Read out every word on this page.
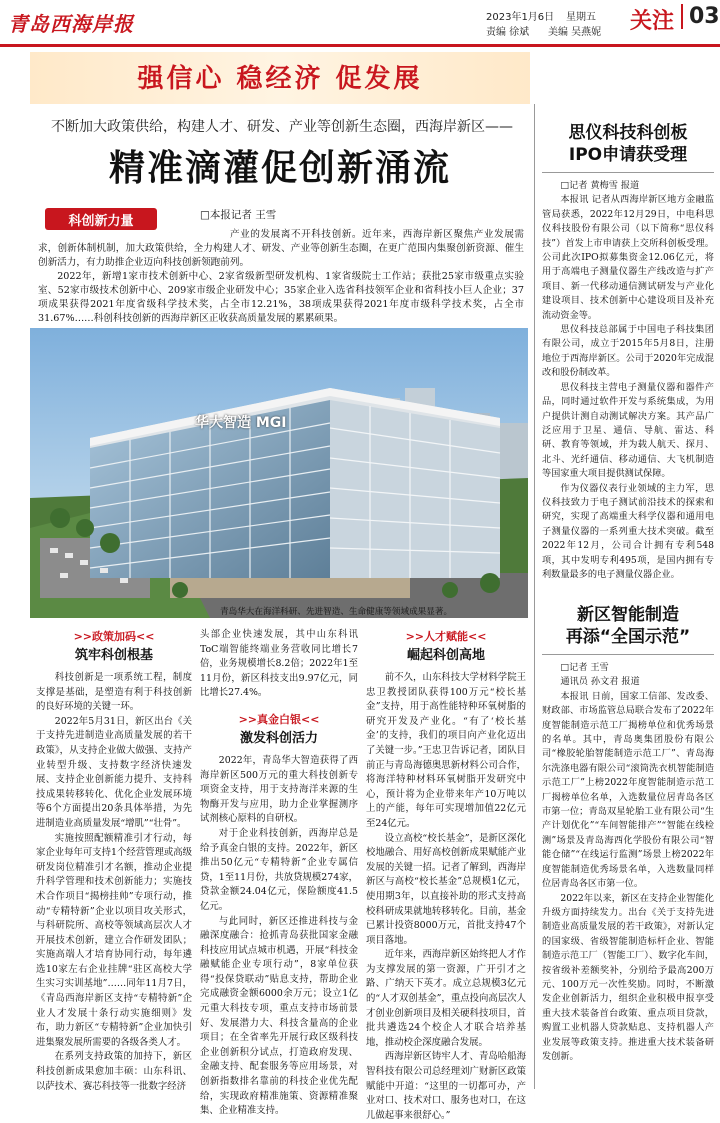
青岛西海岸报	2023年1月6日 星期五
责编 徐斌 美编 吴燕妮 关注 03
强信心 稳经济 促发展
不断加大政策供给，构建人才、研发、产业等创新生态圈，西海岸新区——
精准滴灌促创新涌流
科创新力量	□本报记者 王雪
产业的发展离不开科技创新。近年来，西海岸新区聚焦产业发展需求，创新体制机制，加大政策供给，全力构建人才、研发、产业等创新生态圈，在更广范围内集聚创新资源、催生创新活力，有力助推企业迈向科技创新领跑前列。
2022年，新增1家市技术创新中心、2家省级新型研发机构、1家省级院士工作站；获批25家市级重点实验室、52家市级技术创新中心、209家市级企业研发中心；35家企业入选省科技领军企业和省科技小巨人企业；37项成果获得2021年度省级科学技术奖，占全市12.21%，38项成果获得2021年度市级科学技术奖，占全市31.67%……科创科技创新的西海岸新区正收获高质量发展的累累硕果。
华大智造 MGI
青岛华大在海洋科研、先进智造、生命健康等领域成果显著。
>>政策加码<<
筑牢科创根基

科技创新是一项系统工程，制度支撑是基础，是塑造有利于科技创新的良好环境的关键一环。

2022年5月31日，新区出台《关于支持先进制造业高质量发展的若干政策》，从支持企业做大做强、支持产业转型升级、支持数字经济快速发展、支持企业创新能力提升、支持科技成果转移转化、优化企业发展环境等6个方面提出20条具体举措，为先进制造业高质量发展“增肌”“壮骨”。

实施按照配额精准引才行动，每家企业每年可支持1个经营管理或高级研发岗位精准引才名额，推动企业提升科学管理和技术创新能力；实施技术合作项目“揭榜挂帅”专项行动，推动“专精特新”企业以项目攻关形式，与科研院所、高校等领域高层次人才开展技术创新，建立合作研发团队；实施高端人才培育协同行动，每年遴选10家左右企业挂牌“驻区高校大学生实习实训基地”……同年11月7日，《青岛西海岸新区支持“专精特新”企业人才发展十条行动实施细则》发布，助力新区“专精特新”企业加快引进集聚发展所需要的各级各类人才。

在系列支持政策的加持下，新区科技创新成果愈加丰硕：山东科讯、以萨技术、赛芯科技等一批数字经济

头部企业快速发展，其中山东科讯ToC端智能终端业务营收同比增长7倍，业务规模增长8.2倍；2022年1至11月份，新区科技支出9.97亿元，同比增长27.4%。

>>真金白银<<
激发科创活力

2022年，青岛华大智造获得了西海岸新区500万元的重大科技创新专项资金支持，用于支持海洋来源的生物酶开发与应用，助力企业掌握测序试剂核心原料的自研权。

对于企业科技创新，西海岸总是给予真金白银的支持。2022年，新区推出50亿元“专精特新”企业专属信贷，1至11月份，共放贷规模274家，贷款金额24.04亿元，保险额度41.5亿元。

与此同时，新区还推进科技与金融深度融合：抢抓青岛获批国家金融科技应用试点城市机遇，开展“科技金融赋能企业专项行动”，8家单位获得“投保贷联动”贴息支持，帮助企业完成融资金额6000余万元；设立1亿元重大科技专项，重点支持市场前景好、发展潜力大、科技含量高的企业项目；在全省率先开展行政区级科技企业创新积分试点，打造政府发现、金融支持、配套服务等应用场景，对创新指数排名靠前的科技企业优先配给，实现政府精准施策、资源精准聚集、企业精准支持。

>>人才赋能<<
崛起科创高地

前不久，山东科技大学材料学院王忠卫教授团队获得100万元“校长基金”支持，用于高性能特种环氧树脂的研究开发及产业化。“有了‘校长基金’的支持，我们的项目向产业化迈出了关键一步。”王忠卫告诉记者，团队目前正与青岛海德奥思新材料公司合作，将海洋特种材料环氧树脂开发研究中心，预计将为企业带来年产10万吨以上的产能，每年可实现增加值22亿元至24亿元。

设立高校“校长基金”，是新区深化校地融合、用好高校创新成果赋能产业发展的关键一招。记者了解到，西海岸新区与高校“校长基金”总规模1亿元，使用期3年，以直接补助的形式支持高校科研成果就地转移转化。目前，基金已累计投资8000万元，首批支持47个项目落地。

近年来，西海岸新区始终把人才作为支撑发展的第一资源，广开引才之路、广纳天下英才。成立总规模3亿元的“人才双创基金”，重点投向高层次人才创业创新项目及相关硬科技项目，首批共遴选24个校企人才联合培养基地，推动校企深度融合发展。

西海岸新区铸牢人才、青岛哈船海智科技有限公司总经理刘广财新区政策赋能中开道：“这里的一切都可办，产业对口、技术对口、服务也对口，在这儿做起事来很舒心。”

思仪科技科创板
IPO申请获受理

□记者 黄梅雪 报道

本报讯 记者从西海岸新区地方金融监管局获悉，2022年12月29日，中电科思仪科技股份有限公司（以下简称“思仪科技”）首发上市申请获上交所科创板受理。公司此次IPO拟募集资金12.06亿元，将用于高端电子测量仪器生产线改造与扩产项目、新一代移动通信测试研发与产业化建设项目、技术创新中心建设项目及补充流动资金等。

思仪科技总部属于中国电子科技集团有限公司，成立于2015年5月8日，注册地位于西海岸新区。公司于2020年完成混改和股份制改革。

思仪科技主营电子测量仪器和器件产品，同时通过软件开发与系统集成，为用户提供计测自动测试解决方案。其产品广泛应用于卫星、通信、导航、雷达、科研、教育等领域，并为载人航天、探月、北斗、光纤通信、移动通信、大飞机制造等国家重大项目提供测试保障。

作为仪器仪表行业领域的主力军，思仪科技致力于电子测试前沿技术的探索和研究，实现了高端重大科学仪器和通用电子测量仪器的一系列重大技术突破。截至2022年12月，公司合计拥有专利548项，其中发明专利495项，是国内拥有专利数量最多的电子测量仪器企业。

新区智能制造
再添“全国示范”

□记者 王雪

通讯员 孙文君 报道

本报讯 日前，国家工信部、发改委、财政部、市场监管总局联合发布了2022年度智能制造示范工厂揭榜单位和优秀场景的名单。其中，青岛奥集团股份有限公司“橡胶轮胎智能制造示范工厂”、青岛海尔洗涤电器有限公司“滚筒洗衣机智能制造示范工厂”上榜2022年度智能制造示范工厂揭榜单位名单，入选数量位居青岛各区市第一位；青岛双星轮胎工业有限公司“生产计划优化”“车间智能排产”“智能在线检测”场景及青岛海西化学股份有限公司“智能仓储”“在线运行监测”场景上榜2022年度智能制造优秀场景名单，入选数量同样位居青岛各区市第一位。

2022年以来，新区在支持企业智能化升级方面持续发力。出台《关于支持先进制造业高质量发展的若干政策》，对新认定的国家级、省级智能制造标杆企业、智能制造示范工厂（智能工厂）、数字化车间，按省级补差额奖补，分别给予最高200万元、100万元一次性奖励。同时，不断激发企业创新活力，组织企业积极申报享受重大技术装备首台政策、重点项目贷款，购置工业机器人贷款贴息、支持机器人产业发展等政策支持。推进重大技术装备研发创新。
